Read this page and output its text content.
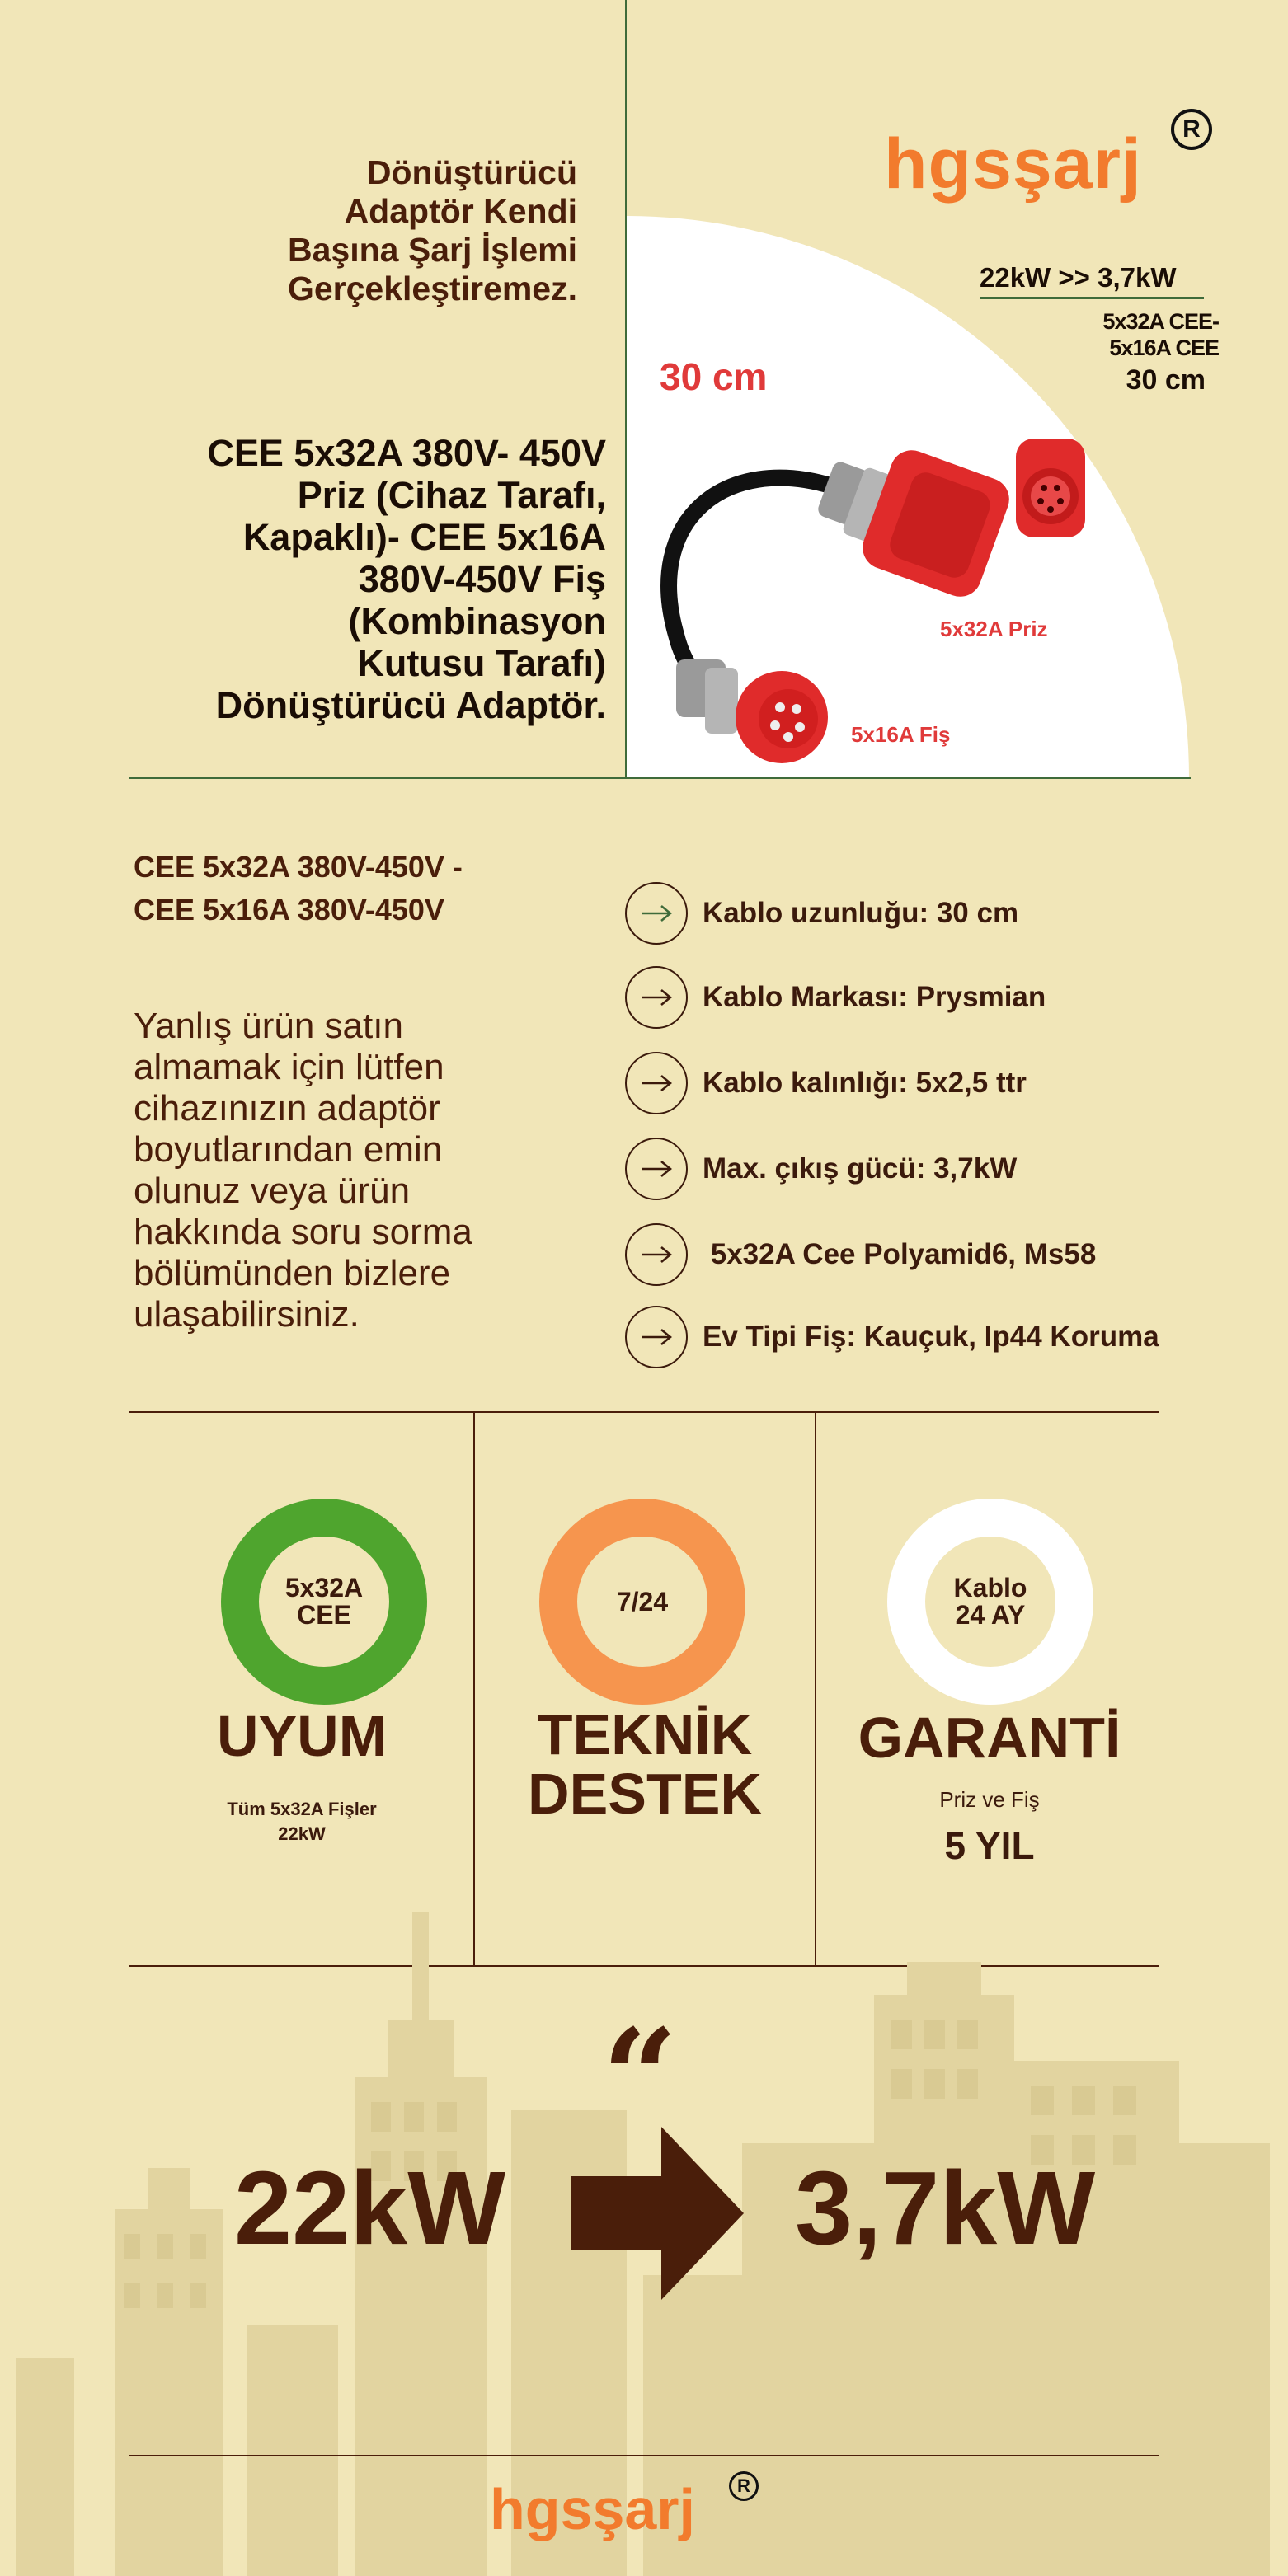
Dönüştürücü
Adaptör Kendi
Başına Şarj İşlemi
Gerçekleştiremez.
CEE 5x32A 380V- 450V
Priz (Cihaz Tarafı,
Kapaklı)- CEE 5x16A
380V-450V Fiş
(Kombinasyon
Kutusu Tarafı)
Dönüştürücü Adaptör.
hgsşarj	R
22kW >> 3,7kW
5x32A CEE-
5x16A CEE
30 cm
30 cm
5x32A Priz
5x16A Fiş
CEE 5x32A 380V-450V -
CEE 5x16A 380V-450V
Yanlış ürün satın
almamak için lütfen
cihazınızın adaptör
boyutlarından emin
olunuz veya ürün
hakkında soru sorma
bölümünden bizlere
ulaşabilirsiniz.
Kablo uzunluğu: 30 cm
Kablo Markası: Prysmian
Kablo kalınlığı: 5x2,5 ttr
Max. çıkış gücü: 3,7kW
5x32A Cee Polyamid6, Ms58
Ev Tipi Fiş: Kauçuk, Ip44 Koruma
5x32A
CEE
UYUM
Tüm 5x32A Fişler
22kW
7/24
TEKNİK
DESTEK
Kablo
24 AY
GARANTİ
Priz ve Fiş
5 YIL
“
22kW	3,7kW
hgsşarj	R
